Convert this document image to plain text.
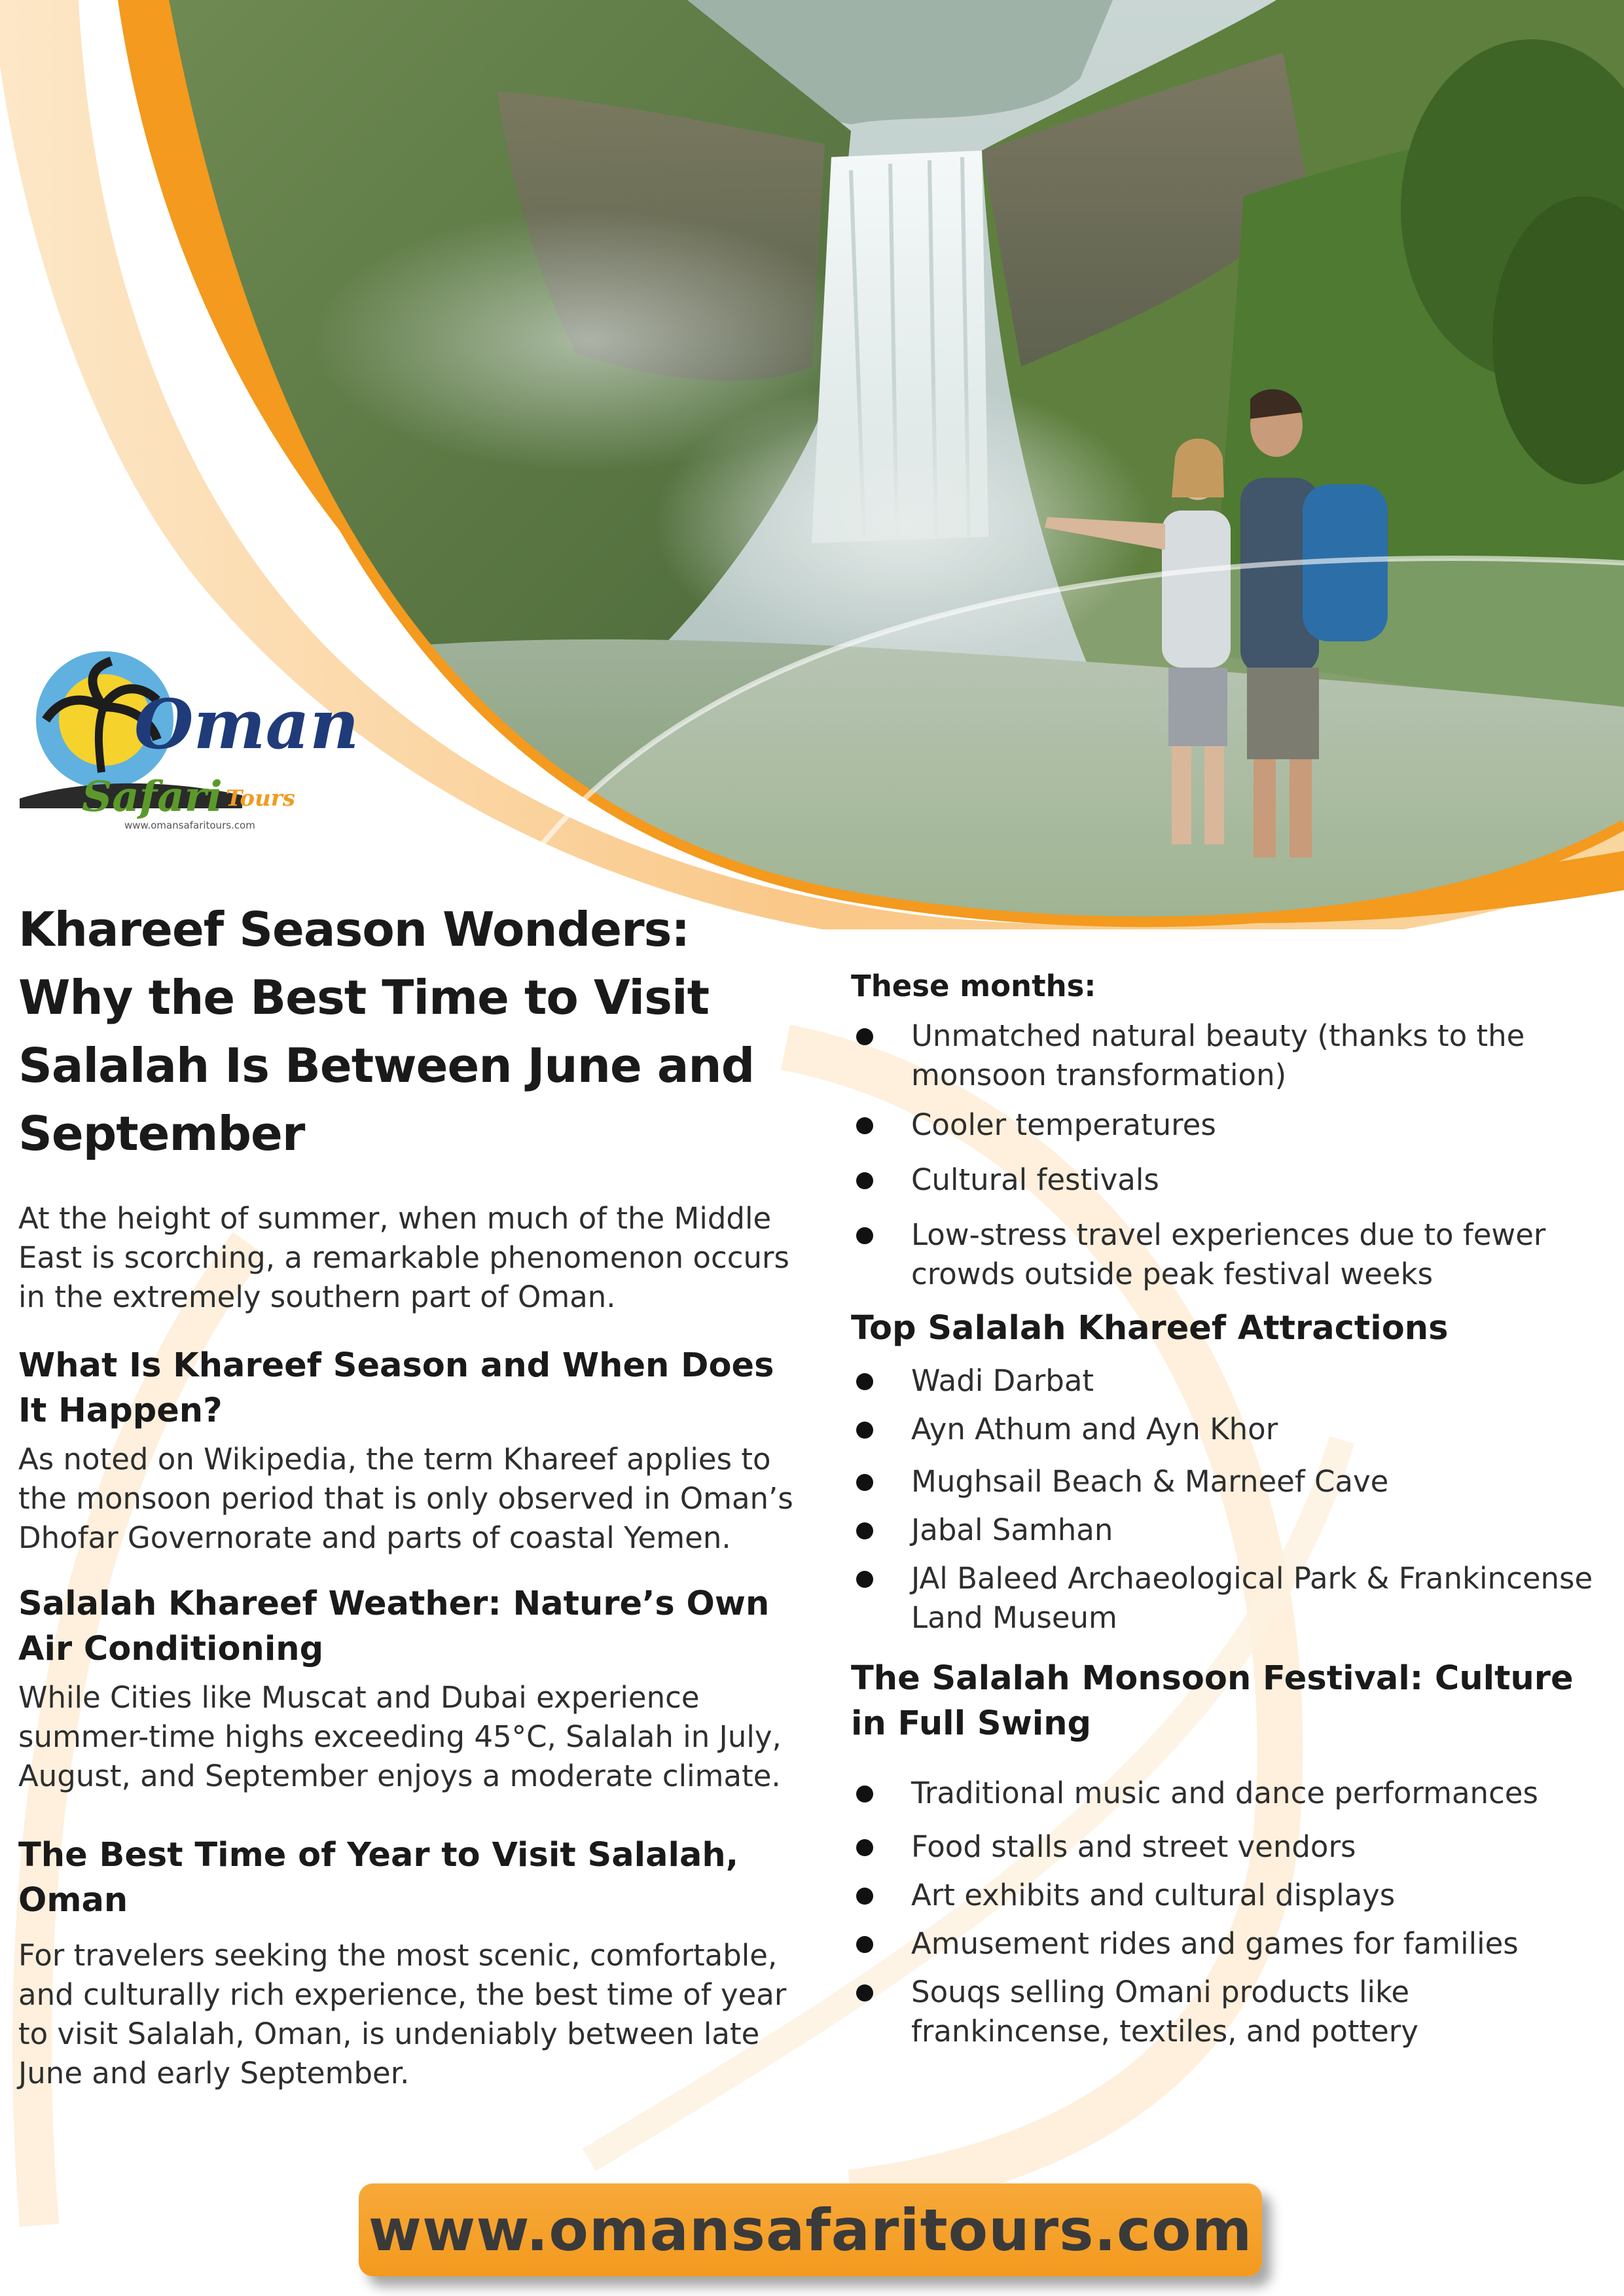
Oman
Safari Tours
www.omansafaritours.com
Khareef Season Wonders: Why the Best Time to Visit Salalah Is Between June and September

At the height of summer, when much of the Middle East is scorching, a remarkable phenomenon occurs in the extremely southern part of Oman.

What Is Khareef Season and When Does It Happen?

As noted on Wikipedia, the term Khareef applies to the monsoon period that is only observed in Oman’s Dhofar Governorate and parts of coastal Yemen.

Salalah Khareef Weather: Nature’s Own Air Conditioning

While Cities like Muscat and Dubai experience summer-time highs exceeding 45°C, Salalah in July, August, and September enjoys a moderate climate.

The Best Time of Year to Visit Salalah, Oman

For travelers seeking the most scenic, comfortable, and culturally rich experience, the best time of year to visit Salalah, Oman, is undeniably between late June and early September.

These months:
Unmatched natural beauty (thanks to the monsoon transformation)
Cooler temperatures
Cultural festivals
Low-stress travel experiences due to fewer crowds outside peak festival weeks
Top Salalah Khareef Attractions
Wadi Darbat
Ayn Athum and Ayn Khor
Mughsail Beach & Marneef Cave
Jabal Samhan
JAl Baleed Archaeological Park & Frankincense Land Museum
The Salalah Monsoon Festival: Culture in Full Swing
Traditional music and dance performances
Food stalls and street vendors
Art exhibits and cultural displays
Amusement rides and games for families
Souqs selling Omani products like frankincense, textiles, and pottery
www.omansafaritours.com
